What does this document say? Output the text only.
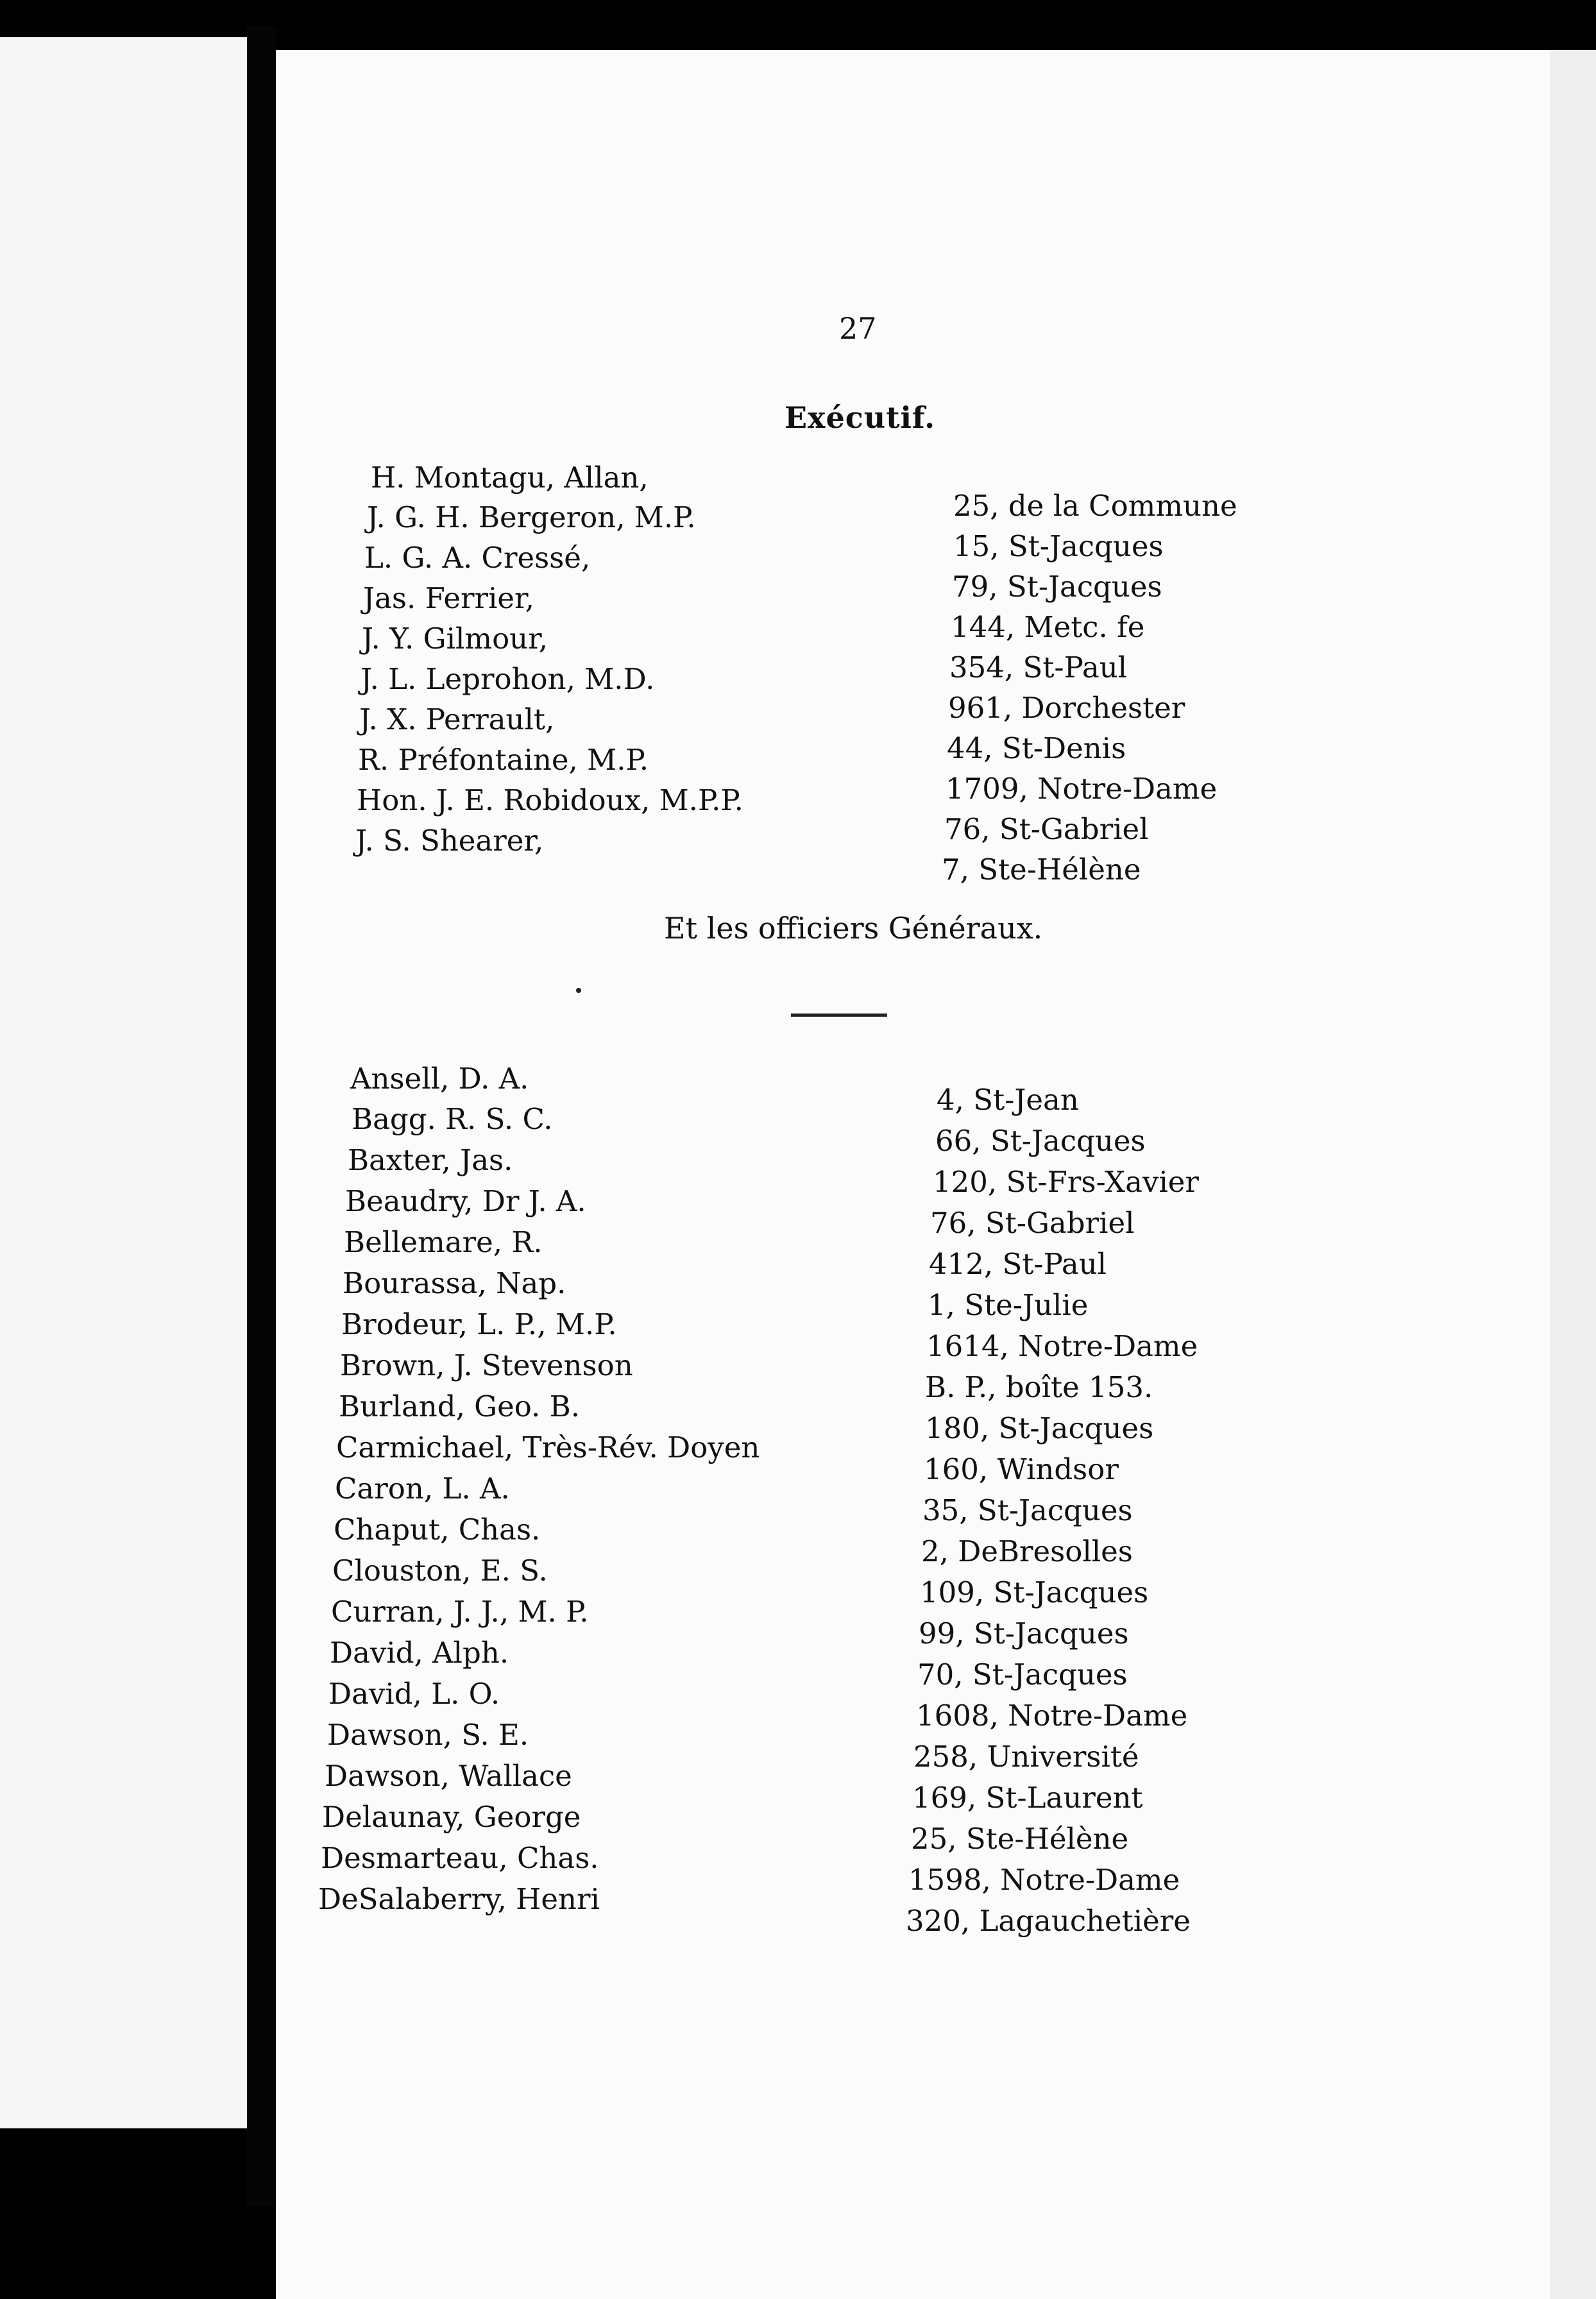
27
Exécutif.
H. Montagu, Allan,
25, de la Commune
J. G. H. Bergeron, M.P.
15, St-Jacques
L. G. A. Cressé,
79, St-Jacques
Jas. Ferrier,
144, Metc. fe
J. Y. Gilmour,
354, St-Paul
J. L. Leprohon, M.D.
961, Dorchester
J. X. Perrault,
44, St-Denis
R. Préfontaine, M.P.
1709, Notre-Dame
Hon. J. E. Robidoux, M.P.P.
76, St-Gabriel
J. S. Shearer,
7, Ste-Hélène
Et les officiers Généraux.
Ansell, D. A.
4, St-Jean
Bagg. R. S. C.
66, St-Jacques
Baxter, Jas.
120, St-Frs-Xavier
Beaudry, Dr J. A.
76, St-Gabriel
Bellemare, R.
412, St-Paul
Bourassa, Nap.
1, Ste-Julie
Brodeur, L. P., M.P.
1614, Notre-Dame
Brown, J. Stevenson
B. P., boîte 153.
Burland, Geo. B.
180, St-Jacques
Carmichael, Très-Rév. Doyen
160, Windsor
Caron, L. A.
35, St-Jacques
Chaput, Chas.
2, DeBresolles
Clouston, E. S.
109, St-Jacques
Curran, J. J., M. P.
99, St-Jacques
David, Alph.
70, St-Jacques
David, L. O.
1608, Notre-Dame
Dawson, S. E.
258, Université
Dawson, Wallace
169, St-Laurent
Delaunay, George
25, Ste-Hélène
Desmarteau, Chas.
1598, Notre-Dame
DeSalaberry, Henri
320, Lagauchetière
